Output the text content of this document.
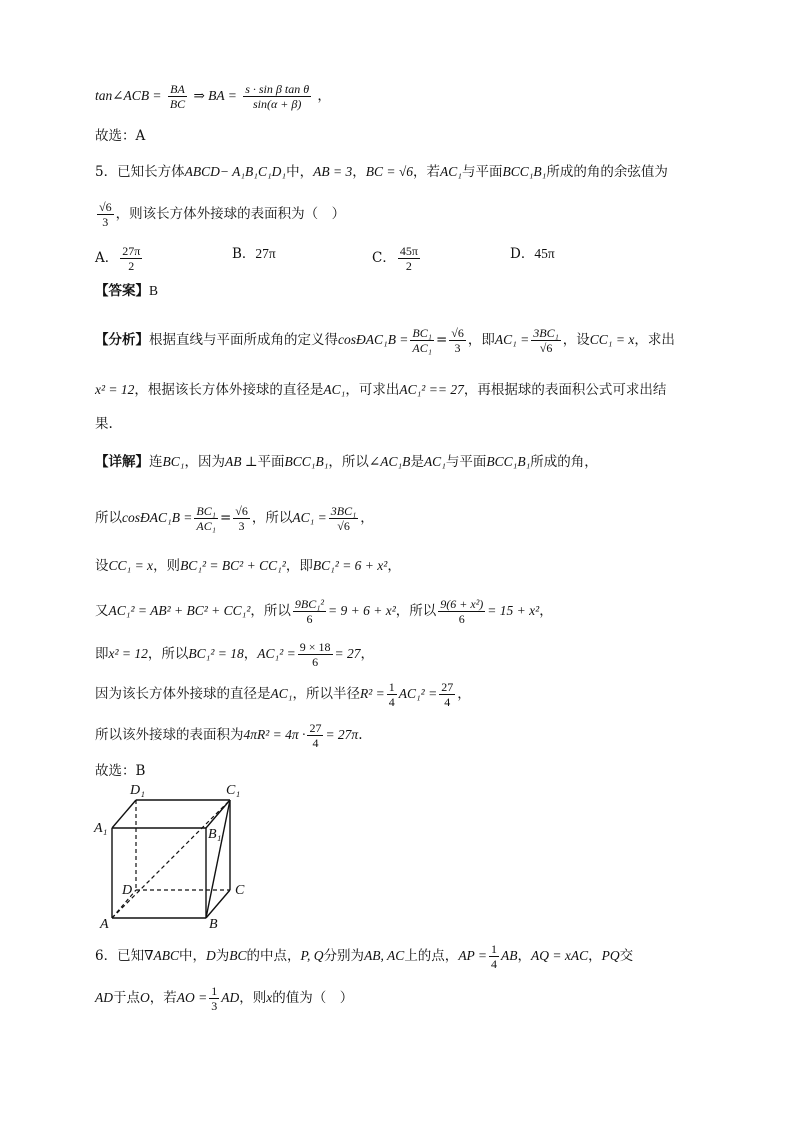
tan∠ACB = $\frac{BA}{BC}$ ⇒ BA = $\frac{\text{s · sin β tan θ}}{\sin(\alpha + \beta)}$ ，
故选：A
5．已知长方体ABCD− A₁B₁C₁D₁中，AB = 3，BC = √6，若AC₁与平面BCC₁B₁所成的角的余弦值为
$\frac{√6}{3}$ ，则该长方体外接球的表面积为（　）
A． $\frac{27\pi}{2}$	B．27π	C． $\frac{45\pi}{2}$	D．45π
【答案】B
【分析】根据直线与平面所成角的定义得cosÐAC₁B = $\frac{\text{BC₁}}{\text{AC₁}} = \frac{√6}{3}$ ，即$AC_1 = \frac{\text{3BC₁}}{√6}$ ，设CC₁ = x，求出
x² = 12，根据该长方体外接球的直径是AC₁，可求出AC₁² == 27，再根据球的表面积公式可求出结
果.
【详解】连BC₁，因为AB ⊥平面BCC₁B₁，所以∠AC₁B是AC₁与平面BCC₁B₁所成的角，
所以cosÐAC₁B = $\frac{\text{BC₁}}{\text{AC₁}} = \frac{√6}{3}$ ，所以$AC_1 = \frac{\text{3BC₁}}{√6}$ ，
设CC₁ = x，则BC₁² = BC² + CC₁²，即BC₁² = 6 + x²，
又AC₁² = AB² + BC² + CC₁²，所以 $\frac{\text{9BC₁²}}{6} = 9 + 6 + x^2$，所以 $\frac{\text{9(6 + x²)}}{6} = 15 + x^2$，
即x² = 12，所以BC₁² = 18，$AC_1^2 = \frac{9 \times 18}{6} = 27$，
因为该长方体外接球的直径是AC₁，所以半径$R^2 = \frac{1}{4} AC_1^2 = \frac{27}{4}$ ，
所以该外接球的表面积为$4\pi R^2 = 4\pi \cdot \frac{27}{4} = 27\pi$.
故选：B
D₁	C₁
A₁	B₁
D	C
A	B
6．已知∇ABC中，D为BC的中点，P, Q分别为AB, AC上的点，AP = $\frac{1}{4}$ AB，AQ = xAC，PQ交
AD于点O，若AO = $\frac{1}{3}$ AD，则x的值为（　）
